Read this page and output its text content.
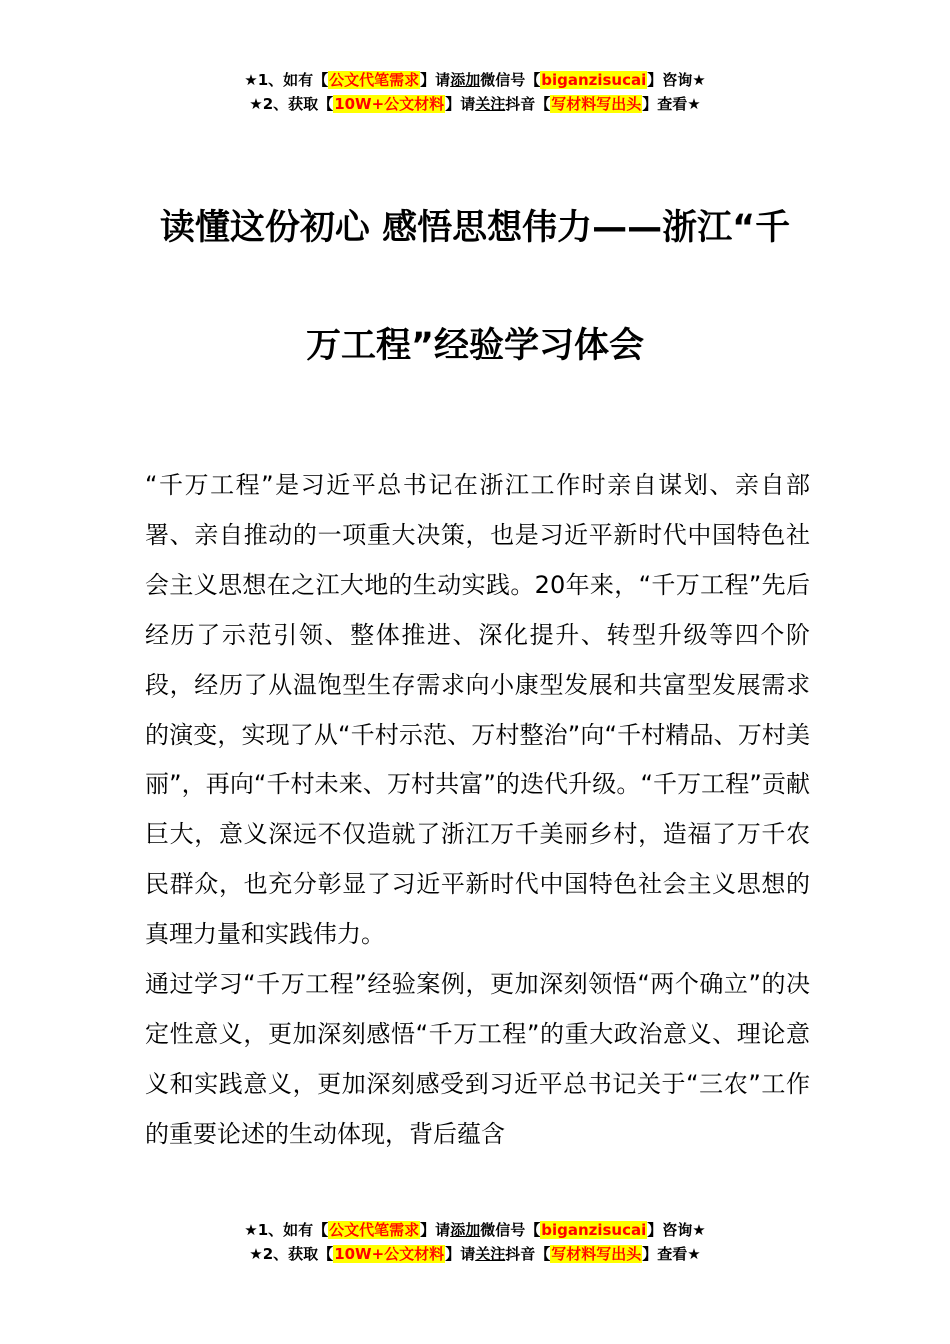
★1、如有【公文代笔需求】请添加微信号【biganzisucai】咨询★
★2、获取【10W+公文材料】请关注抖音【写材料写出头】查看★
读懂这份初心 感悟思想伟力——浙江“千
万工程”经验学习体会

“千万工程”是习近平总书记在浙江工作时亲自谋划、亲自部署、亲自推动的一项重大决策，也是习近平新时代中国特色社会主义思想在之江大地的生动实践。20年来，“千万工程”先后经历了示范引领、整体推进、深化提升、转型升级等四个阶段，经历了从温饱型生存需求向小康型发展和共富型发展需求的演变，实现了从“千村示范、万村整治”向“千村精品、万村美丽”，再向“千村未来、万村共富”的迭代升级。“千万工程”贡献巨大，意义深远不仅造就了浙江万千美丽乡村，造福了万千农民群众，也充分彰显了习近平新时代中国特色社会主义思想的真理力量和实践伟力。

通过学习“千万工程”经验案例，更加深刻领悟“两个确立”的决定性意义，更加深刻感悟“千万工程”的重大政治意义、理论意义和实践意义，更加深刻感受到习近平总书记关于“三农”工作的重要论述的生动体现，背后蕴含

★1、如有【公文代笔需求】请添加微信号【biganzisucai】咨询★
★2、获取【10W+公文材料】请关注抖音【写材料写出头】查看★
